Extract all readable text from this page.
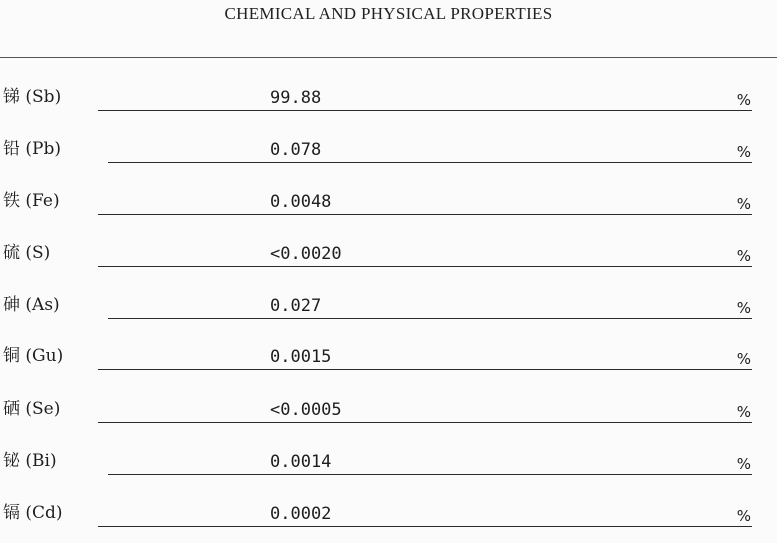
CHEMICAL AND PHYSICAL PROPERTIES
锑 (Sb)	99.88	%
铅 (Pb)	0.078	%
铁 (Fe)	0.0048	%
硫 (S)	<0.0020	%
砷 (As)	0.027	%
铜 (Gu)	0.0015	%
硒 (Se)	<0.0005	%
铋 (Bi)	0.0014	%
镉 (Cd)	0.0002	%
